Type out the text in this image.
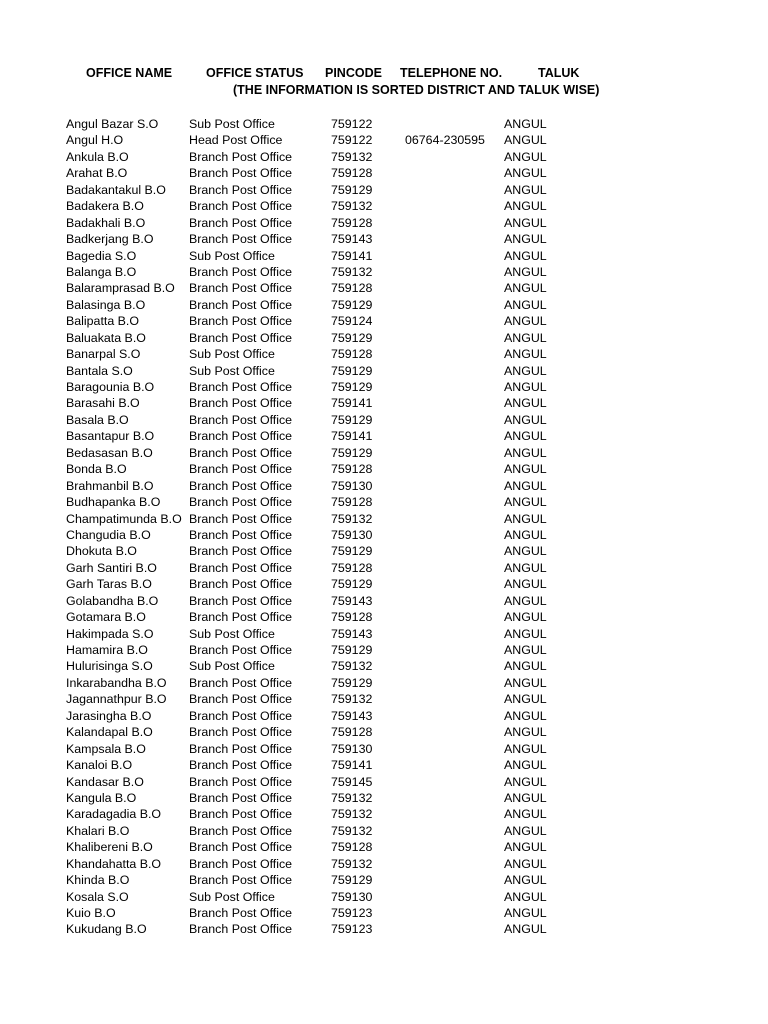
OFFICE NAME	OFFICE STATUS PINCODE TELEPHONE NO.	TALUK
(THE INFORMATION IS SORTED DISTRICT AND TALUK WISE)
Angul Bazar S.O Sub Post Office	759122	ANGUL
Angul H.O	Head Post Office	759122	06764-230595 ANGUL
Ankula B.O	Branch Post Office	759132	ANGUL
Arahat B.O	Branch Post Office	759128	ANGUL
Badakantakul B.O Branch Post Office	759129	ANGUL
Badakera B.O	Branch Post Office	759132	ANGUL
Badakhali B.O	Branch Post Office	759128	ANGUL
Badkerjang B.O	Branch Post Office	759143	ANGUL
Bagedia S.O	Sub Post Office	759141	ANGUL
Balanga B.O	Branch Post Office	759132	ANGUL
Balaramprasad B.O Branch Post Office	759128	ANGUL
Balasinga B.O	Branch Post Office	759129	ANGUL
Balipatta B.O	Branch Post Office	759124	ANGUL
Baluakata B.O	Branch Post Office	759129	ANGUL
Banarpal S.O	Sub Post Office	759128	ANGUL
Bantala S.O	Sub Post Office	759129	ANGUL
Baragounia B.O	Branch Post Office	759129	ANGUL
Barasahi B.O	Branch Post Office	759141	ANGUL
Basala B.O	Branch Post Office	759129	ANGUL
Basantapur B.O	Branch Post Office	759141	ANGUL
Bedasasan B.O	Branch Post Office	759129	ANGUL
Bonda B.O	Branch Post Office	759128	ANGUL
Brahmanbil B.O	Branch Post Office	759130	ANGUL
Budhapanka B.O Branch Post Office	759128	ANGUL
Champatimunda B.O Branch Post Office	759132	ANGUL
Changudia B.O	Branch Post Office	759130	ANGUL
Dhokuta B.O	Branch Post Office	759129	ANGUL
Garh Santiri B.O	Branch Post Office	759128	ANGUL
Garh Taras B.O	Branch Post Office	759129	ANGUL
Golabandha B.O Branch Post Office	759143	ANGUL
Gotamara B.O	Branch Post Office	759128	ANGUL
Hakimpada S.O	Sub Post Office	759143	ANGUL
Hamamira B.O	Branch Post Office	759129	ANGUL
Hulurisinga S.O	Sub Post Office	759132	ANGUL
Inkarabandha B.O Branch Post Office	759129	ANGUL
Jagannathpur B.O Branch Post Office	759132	ANGUL
Jarasingha B.O	Branch Post Office	759143	ANGUL
Kalandapal B.O	Branch Post Office	759128	ANGUL
Kampsala B.O	Branch Post Office	759130	ANGUL
Kanaloi B.O	Branch Post Office	759141	ANGUL
Kandasar B.O	Branch Post Office	759145	ANGUL
Kangula B.O	Branch Post Office	759132	ANGUL
Karadagadia B.O Branch Post Office	759132	ANGUL
Khalari B.O	Branch Post Office	759132	ANGUL
Khalibereni B.O	Branch Post Office	759128	ANGUL
Khandahatta B.O Branch Post Office	759132	ANGUL
Khinda B.O	Branch Post Office	759129	ANGUL
Kosala S.O	Sub Post Office	759130	ANGUL
Kuio B.O	Branch Post Office	759123	ANGUL
Kukudang B.O	Branch Post Office	759123	ANGUL
